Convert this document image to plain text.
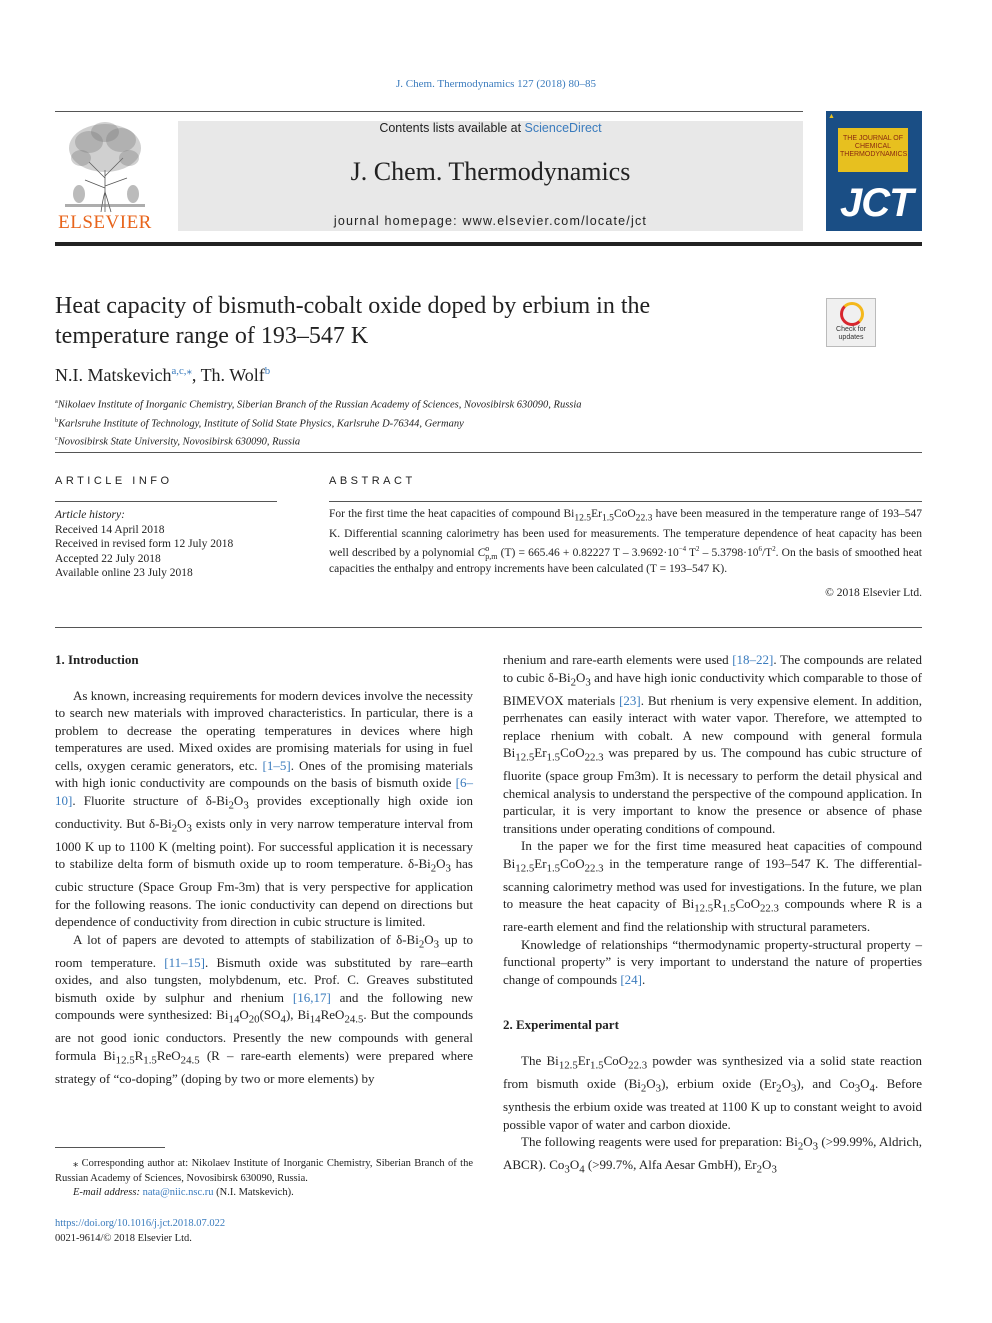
J. Chem. Thermodynamics 127 (2018) 80–85
ELSEVIER
Contents lists available at ScienceDirect
J. Chem. Thermodynamics
journal homepage: www.elsevier.com/locate/jct
▲
THE JOURNAL OF CHEMICAL THERMODYNAMICS
JCT
Heat capacity of bismuth-cobalt oxide doped by erbium in the temperature range of 193–547 K	Check for updates
N.I. Matskevich$^{a,c,⁎}$, Th. Wolf$^b$
$^a$Nikolaev Institute of Inorganic Chemistry, Siberian Branch of the Russian Academy of Sciences, Novosibirsk 630090, Russia
$^b$Karlsruhe Institute of Technology, Institute of Solid State Physics, Karlsruhe D-76344, Germany
$^c$Novosibirsk State University, Novosibirsk 630090, Russia
ARTICLE INFO
Article history:
Received 14 April 2018
Received in revised form 12 July 2018
Accepted 22 July 2018
Available online 23 July 2018
ABSTRACT
For the first time the heat capacities of compound $Bi_{12.5}Er_{1.5}CoO_{22.3}$ have been measured in the temperature range of 193–547 K. Differential scanning calorimetry has been used for measurements. The temperature dependence of heat capacity has been well described by a polynomial C o
p,m (T) = 665.46 + 0.82227 $T - 3.9692\cdot 10^{-4}$ $T^2 - 5.3798\cdot 10^6/T^2$. On the basis of smoothed heat capacities the enthalpy and entropy increments have been calculated (T = 193–547 K).
© 2018 Elsevier Ltd.
1. Introduction

As known, increasing requirements for modern devices involve the necessity to search new materials with improved characteristics. In particular, there is a problem to decrease the operating temperatures in devices where high temperatures are used. Mixed oxides are promising materials for using in fuel cells, oxygen ceramic generators, etc. [1–5]. Ones of the promising materials with high ionic conductivity are compounds on the basis of bismuth oxide [6–10]. Fluorite structure of $\delta-Bi_2O_3$ provides exceptionally high oxide ion conductivity. But $\delta-Bi_2O_3$ exists only in very narrow temperature interval from 1000 K up to 1100 K (melting point). For successful application it is necessary to stabilize delta form of bismuth oxide up to room temperature. $\delta-Bi_2O_3$ has cubic structure (Space Group Fm-3m) that is very perspective for application for the following reasons. The ionic conductivity can depend on directions but dependence of conductivity from direction in cubic structure is limited.

A lot of papers are devoted to attempts of stabilization of $\delta-Bi_2O_3$ up to room temperature. [11–15]. Bismuth oxide was substituted by rare–earth oxides, and also tungsten, molybdenum, etc. Prof. C. Greaves substituted bismuth oxide by sulphur and rhenium [16,17] and the following new compounds were synthesized: $Bi_{14}O_{20}(SO_4)$, $Bi_{14}ReO_{24.5}$. But the compounds are not good ionic conductors. Presently the new compounds with general formula $Bi_{12.5}R_{1.5}ReO_{24.5}$ (R – rare-earth elements) were prepared where strategy of “co-doping” (doping by two or more elements) by

⁎ Corresponding author at: Nikolaev Institute of Inorganic Chemistry, Siberian Branch of the Russian Academy of Sciences, Novosibirsk 630090, Russia.
E-mail address: nata@niic.nsc.ru (N.I. Matskevich).
https://doi.org/10.1016/j.jct.2018.07.022
0021-9614/© 2018 Elsevier Ltd.

rhenium and rare-earth elements were used [18–22]. The compounds are related to cubic $\delta-Bi_2O_3$ and have high ionic conductivity which comparable to those of BIMEVOX materials [23]. But rhenium is very expensive element. In addition, perrhenates can easily interact with water vapor. Therefore, we attempted to replace rhenium with cobalt. A new compound with general formula $Bi_{12.5}Er_{1.5}CoO_{22.3}$ was prepared by us. The compound has cubic structure of fluorite (space group Fm3m). It is necessary to perform the detail physical and chemical analysis to understand the perspective of the compound application. In particular, it is very important to know the presence or absence of phase transitions under operating conditions of compound.

In the paper we for the first time measured heat capacities of compound $Bi_{12.5}Er_{1.5}CoO_{22.3}$ in the temperature range of 193–547 K. The differential-scanning calorimetry method was used for investigations. In the future, we plan to measure the heat capacity of $Bi_{12.5}R_{1.5}CoO_{22.3}$ compounds where R is a rare-earth element and find the relationship with structural parameters.

Knowledge of relationships “thermodynamic property-structural property –functional property” is very important to understand the nature of properties change of compounds [24].

2. Experimental part

The $Bi_{12.5}Er_{1.5}CoO_{22.3}$ powder was synthesized via a solid state reaction from bismuth oxide $(Bi_2O_3)$, erbium oxide $(Er_2O_3)$, and $Co_3O_4$. Before synthesis the erbium oxide was treated at 1100 K up to constant weight to avoid possible vapor of water and carbon dioxide.

The following reagents were used for preparation: $Bi_2O_3$ (>99.99%, Aldrich, ABCR). $Co_3O_4$ (>99.7%, Alfa Aesar GmbH), $Er_2O_3$
